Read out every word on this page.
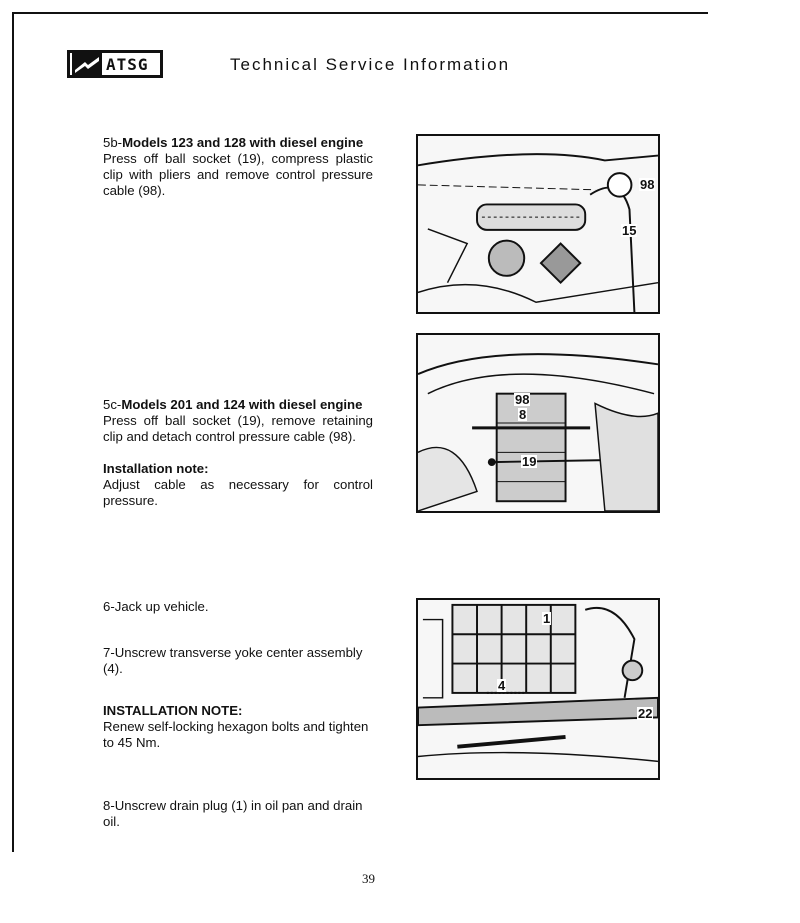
ATSG	Technical Service Information

5b-Models 123 and 128 with diesel engine

Press off ball socket (19), compress plastic clip with pliers and remove control pressure cable (98).	98
15

5c-Models 201 and 124 with diesel engine

Press off ball socket (19), remove retaining clip and detach control pressure cable (98).

Installation note:

Adjust cable as necessary for control pressure.

98
8
19

6-Jack up vehicle.

7-Unscrew transverse yoke center assembly (4).

INSTALLATION NOTE:

Renew self-locking hexagon bolts and tighten to 45 Nm.

1
4
22

8-Unscrew drain plug (1) in oil pan and drain oil.

39
